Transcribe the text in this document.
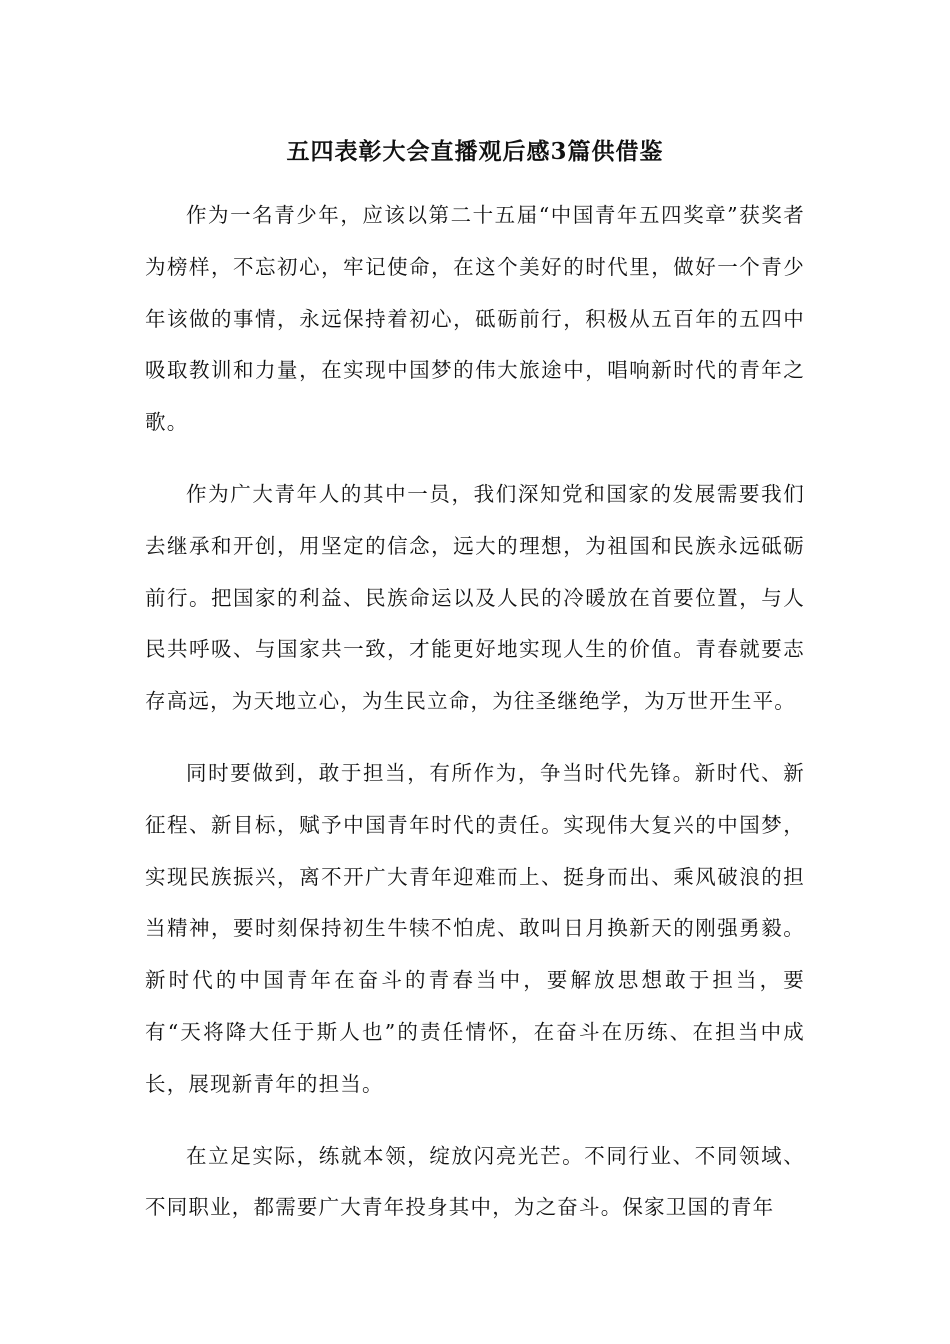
五四表彰大会直播观后感3篇供借鉴

作为一名青少年，应该以第二十五届“中国青年五四奖章”获奖者为榜样，不忘初心，牢记使命，在这个美好的时代里，做好一个青少年该做的事情，永远保持着初心，砥砺前行，积极从五百年的五四中吸取教训和力量，在实现中国梦的伟大旅途中，唱响新时代的青年之歌。

作为广大青年人的其中一员，我们深知党和国家的发展需要我们去继承和开创，用坚定的信念，远大的理想，为祖国和民族永远砥砺前行。把国家的利益、民族命运以及人民的冷暖放在首要位置，与人民共呼吸、与国家共一致，才能更好地实现人生的价值。青春就要志存高远，为天地立心，为生民立命，为往圣继绝学，为万世开生平。

同时要做到，敢于担当，有所作为，争当时代先锋。新时代、新征程、新目标，赋予中国青年时代的责任。实现伟大复兴的中国梦，实现民族振兴，离不开广大青年迎难而上、挺身而出、乘风破浪的担当精神，要时刻保持初生牛犊不怕虎、敢叫日月换新天的刚强勇毅。新时代的中国青年在奋斗的青春当中，要解放思想敢于担当，要有“天将降大任于斯人也”的责任情怀，在奋斗在历练、在担当中成长，展现新青年的担当。

在立足实际，练就本领，绽放闪亮光芒。不同行业、不同领域、不同职业，都需要广大青年投身其中，为之奋斗。保家卫国的青年
